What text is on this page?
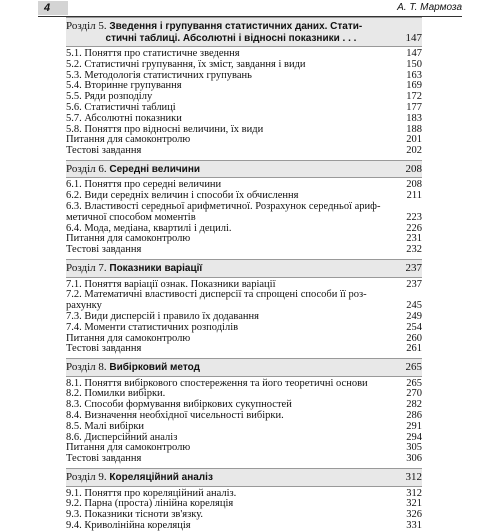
4	А. Т. Мармоза
Розділ 5. Зведення і групування статистичних даних. Стати-
стичні таблиці. Абсолютні і відносні показники . . .	147
5.1. Поняття про статистичне зведення	147
5.2. Статистичні групування, їх зміст, завдання і види	150
5.3. Методологія статистичних групувань	163
5.4. Вторинне групування	169
5.5. Ряди розподілу	172
5.6. Статистичні таблиці	177
5.7. Абсолютні показники	183
5.8. Поняття про відносні величини, їх види	188
Питання для самоконтролю	201
Тестові завдання	202
Розділ 6. Середні величини	208
6.1. Поняття про середні величини	208
6.2. Види середніх величин і способи їх обчислення	211
6.3. Властивості середньої арифметичної. Розрахунок середньої ариф-
метичної способом моментів	223
6.4. Мода, медіана, квартилі і децилі.	226
Питання для самоконтролю	231
Тестові завдання	232
Розділ 7. Показники варіації	237
7.1. Поняття варіації ознак. Показники варіації	237
7.2. Математичні властивості дисперсії та спрощені способи її роз-
рахунку	245
7.3. Види дисперсій і правило їх додавання	249
7.4. Моменти статистичних розподілів	254
Питання для самоконтролю	260
Тестові завдання	261
Розділ 8. Вибірковий метод	265
8.1. Поняття вибіркового спостереження та його теоретичні основи	265
8.2. Помилки вибірки.	270
8.3. Способи формування вибіркових сукупностей	282
8.4. Визначення необхідної чисельності вибірки.	286
8.5. Малі вибірки	291
8.6. Дисперсійний аналіз	294
Питання для самоконтролю	305
Тестові завдання	306
Розділ 9. Кореляційний аналіз	312
9.1. Поняття про кореляційний аналіз.	312
9.2. Парна (проста) лінійна кореляція	321
9.3. Показники тісноти зв'язку.	326
9.4. Криволінійна кореляція	331
